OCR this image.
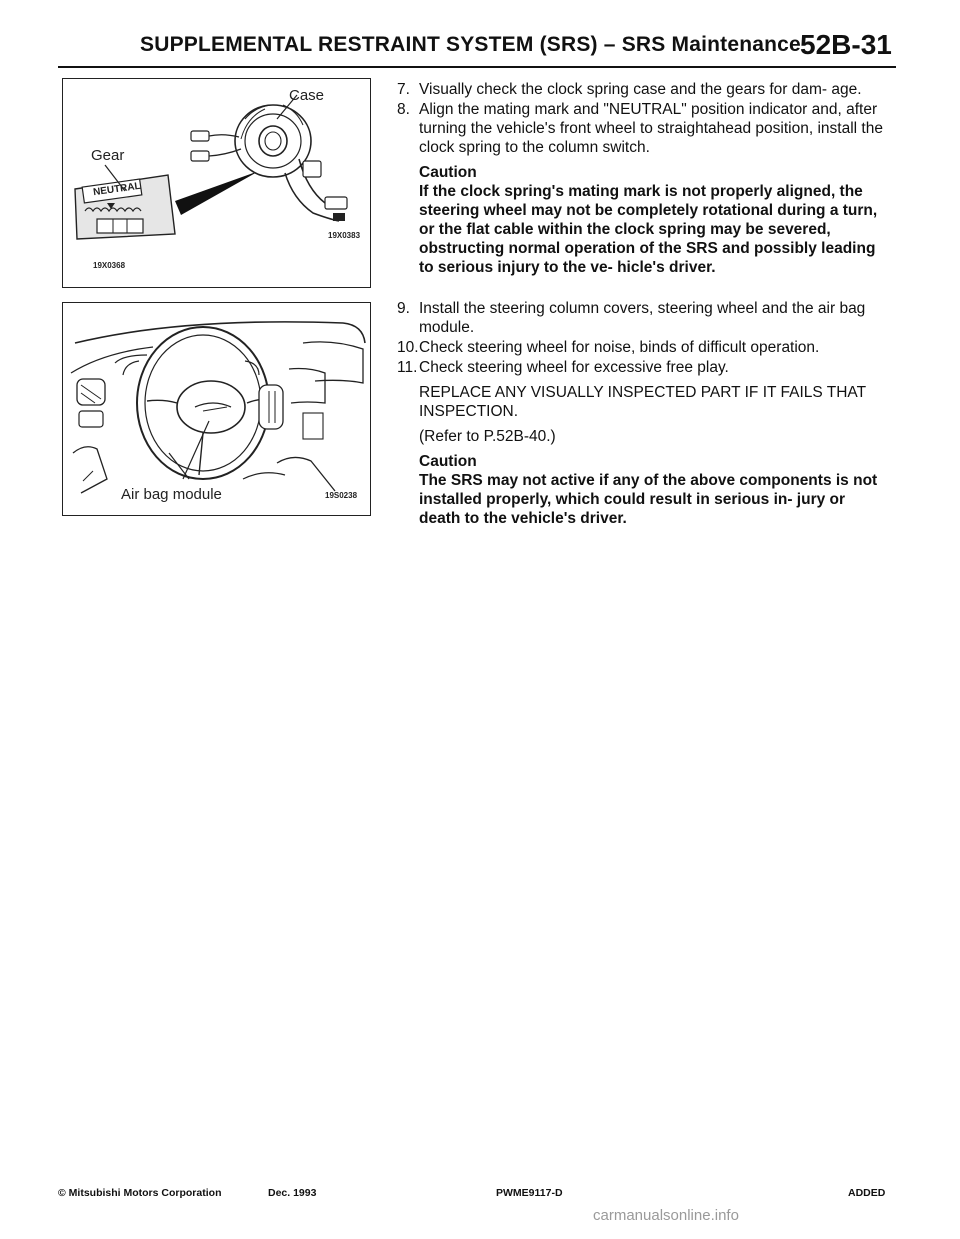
SUPPLEMENTAL RESTRAINT SYSTEM (SRS) – SRS Maintenance 52B-31
Case
Gear
NEUTRAL
19X0368
19X0383
Air bag module	19S0238
7. Visually check the clock spring case and the gears for dam- age.
8. Align the mating mark and "NEUTRAL" position indicator and, after turning the vehicle's front wheel to straightahead position, install the clock spring to the column switch.
Caution
If the clock spring's mating mark is not properly aligned, the steering wheel may not be completely rotational during a turn, or the flat cable within the clock spring may be severed, obstructing normal operation of the SRS and possibly leading to serious injury to the ve- hicle's driver.
9. Install the steering column covers, steering wheel and the air bag module.
10. Check steering wheel for noise, binds of difficult operation.
11. Check steering wheel for excessive free play.
REPLACE ANY VISUALLY INSPECTED PART IF IT FAILS THAT INSPECTION.
(Refer to P.52B-40.)
Caution
The SRS may not active if any of the above components is not installed properly, which could result in serious in- jury or death to the vehicle's driver.
© Mitsubishi Motors Corporation	Dec. 1993	PWME9117-D	ADDED
carmanualsonline.info
